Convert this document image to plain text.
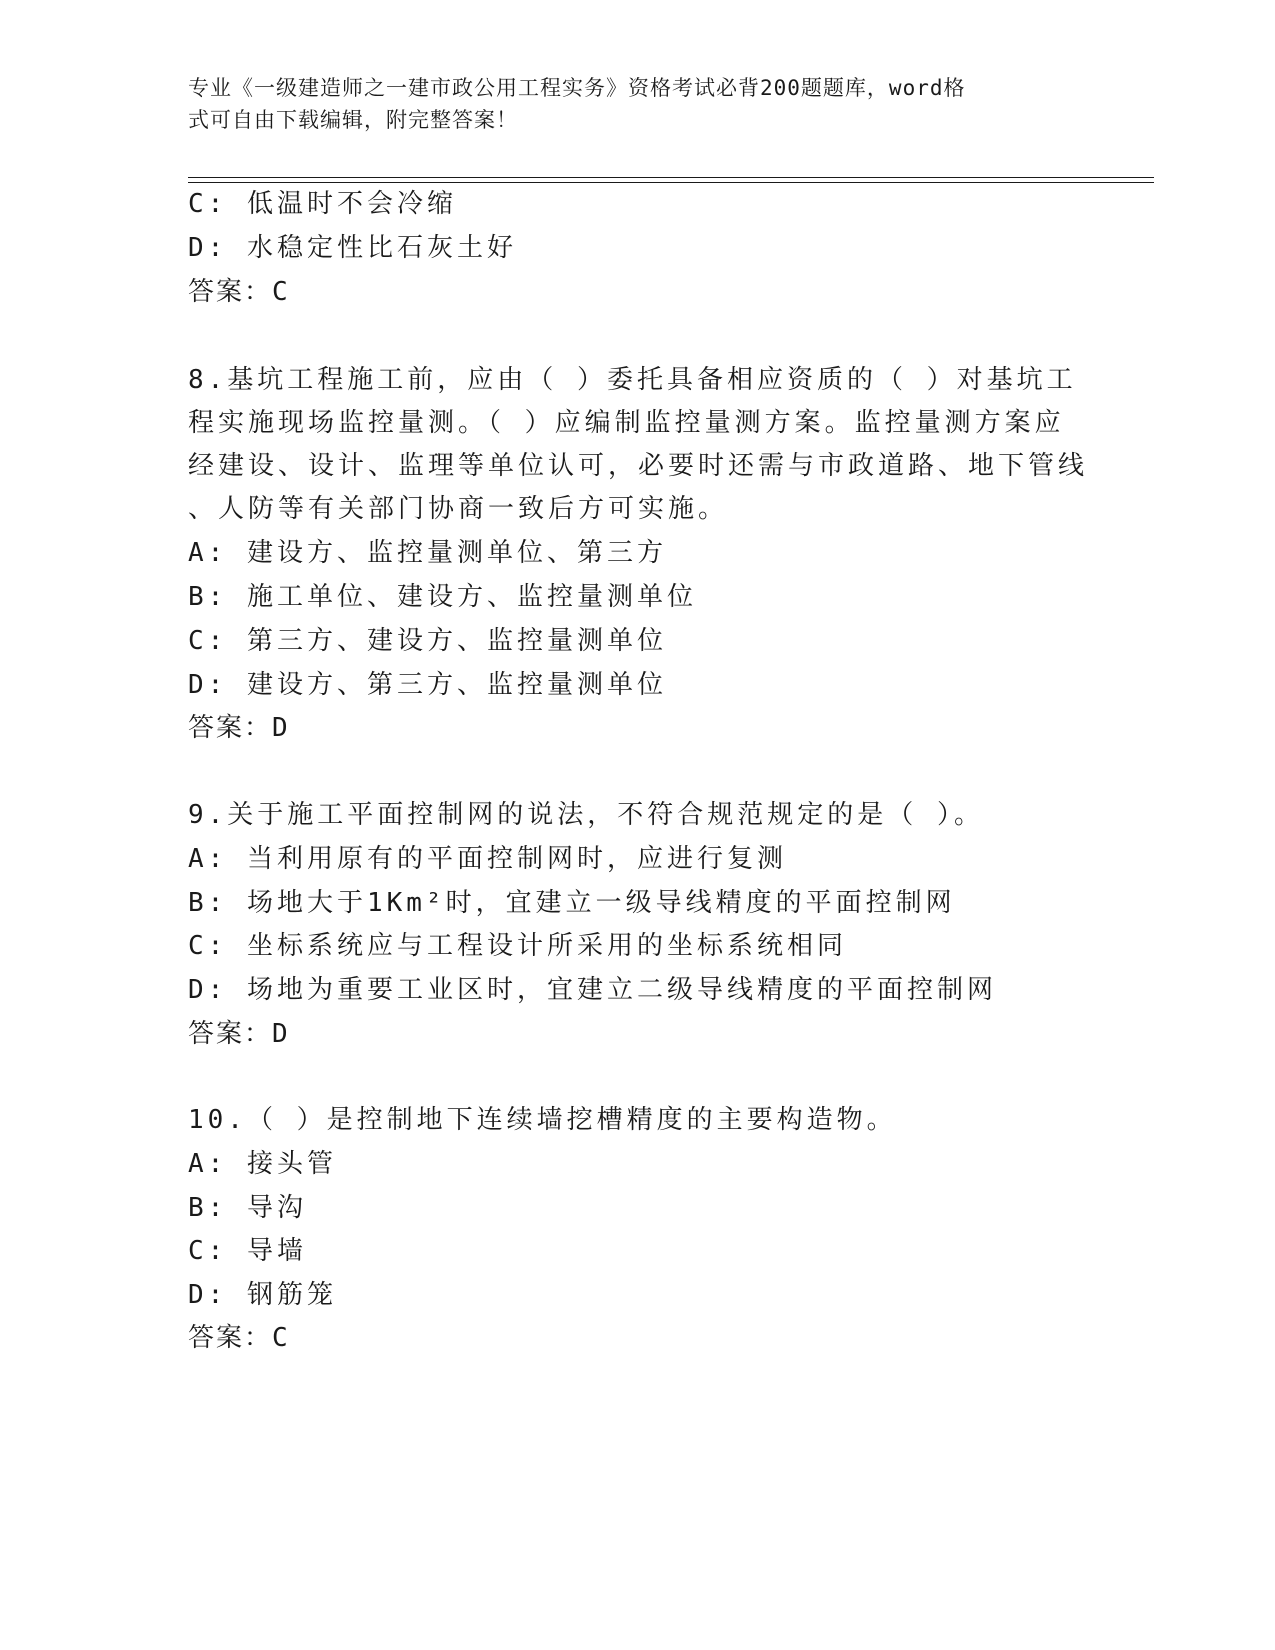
专业《一级建造师之一建市政公用工程实务》资格考试必背200题题库，word格
式可自由下载编辑，附完整答案！
C: 低温时不会冷缩
D: 水稳定性比石灰土好
答案：C
8.基坑工程施工前，应由（ ）委托具备相应资质的（ ）对基坑工
程实施现场监控量测。（ ）应编制监控量测方案。监控量测方案应
经建设、设计、监理等单位认可，必要时还需与市政道路、地下管线
、人防等有关部门协商一致后方可实施。
A: 建设方、监控量测单位、第三方
B: 施工单位、建设方、监控量测单位
C: 第三方、建设方、监控量测单位
D: 建设方、第三方、监控量测单位
答案：D
9.关于施工平面控制网的说法，不符合规范规定的是（ ）。
A: 当利用原有的平面控制网时，应进行复测
B: 场地大于1Km²时，宜建立一级导线精度的平面控制网
C: 坐标系统应与工程设计所采用的坐标系统相同
D: 场地为重要工业区时，宜建立二级导线精度的平面控制网
答案：D
10.（ ）是控制地下连续墙挖槽精度的主要构造物。
A: 接头管
B: 导沟
C: 导墙
D: 钢筋笼
答案：C
